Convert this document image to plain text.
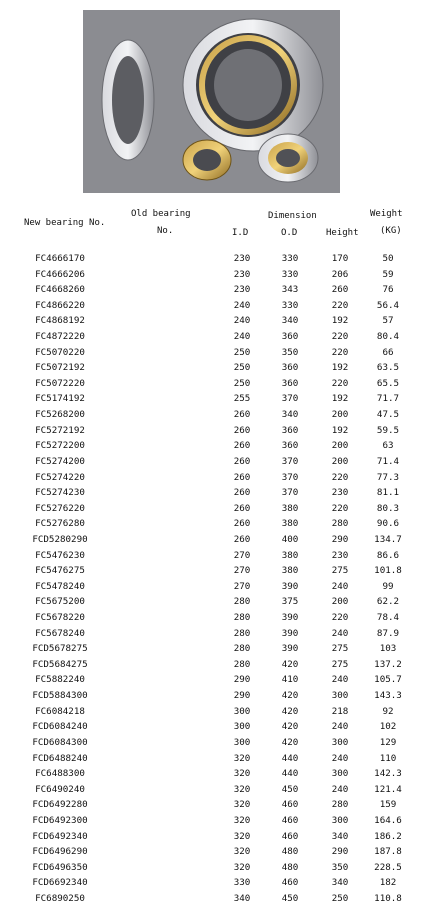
New bearing No.
Old bearing
No.
Dimension	Weight
(KG)
I.D	O.D	Height
FC4666170	230	330	170	50
FC4666206	230	330	206	59
FC4668260	230	343	260	76
FC4866220	240	330	220	56.4
FC4868192	240	340	192	57
FC4872220	240	360	220	80.4
FC5070220	250	350	220	66
FC5072192	250	360	192	63.5
FC5072220	250	360	220	65.5
FC5174192	255	370	192	71.7
FC5268200	260	340	200	47.5
FC5272192	260	360	192	59.5
FC5272200	260	360	200	63
FC5274200	260	370	200	71.4
FC5274220	260	370	220	77.3
FC5274230	260	370	230	81.1
FC5276220	260	380	220	80.3
FC5276280	260	380	280	90.6
FCD5280290	260	400	290	134.7
FC5476230	270	380	230	86.6
FC5476275	270	380	275	101.8
FC5478240	270	390	240	99
FC5675200	280	375	200	62.2
FC5678220	280	390	220	78.4
FC5678240	280	390	240	87.9
FCD5678275	280	390	275	103
FCD5684275	280	420	275	137.2
FC5882240	290	410	240	105.7
FCD5884300	290	420	300	143.3
FC6084218	300	420	218	92
FCD6084240	300	420	240	102
FCD6084300	300	420	300	129
FCD6488240	320	440	240	110
FC6488300	320	440	300	142.3
FC6490240	320	450	240	121.4
FCD6492280	320	460	280	159
FCD6492300	320	460	300	164.6
FCD6492340	320	460	340	186.2
FCD6496290	320	480	290	187.8
FCD6496350	320	480	350	228.5
FCD6692340	330	460	340	182
FC6890250	340	450	250	110.8
